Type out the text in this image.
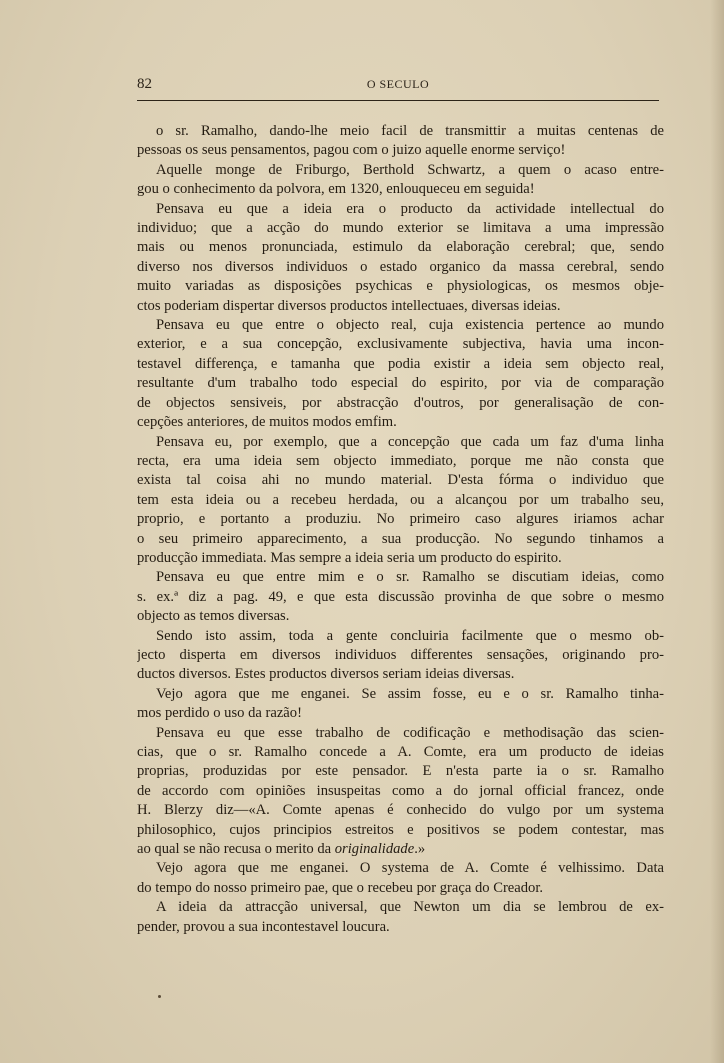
82	O SECULO
o sr. Ramalho, dando-lhe meio facil de transmittir a muitas centenas de
pessoas os seus pensamentos, pagou com o juizo aquelle enorme serviço!
Aquelle monge de Friburgo, Berthold Schwartz, a quem o acaso entre-
gou o conhecimento da polvora, em 1320, enlouqueceu em seguida!
Pensava eu que a ideia era o producto da actividade intellectual do
individuo; que a acção do mundo exterior se limitava a uma impressão
mais ou menos pronunciada, estimulo da elaboração cerebral; que, sendo
diverso nos diversos individuos o estado organico da massa cerebral, sendo
muito variadas as disposições psychicas e physiologicas, os mesmos obje-
ctos poderiam dispertar diversos productos intellectuaes, diversas ideias.
Pensava eu que entre o objecto real, cuja existencia pertence ao mundo
exterior, e a sua concepção, exclusivamente subjectiva, havia uma incon-
testavel differença, e tamanha que podia existir a ideia sem objecto real,
resultante d'um trabalho todo especial do espirito, por via de comparação
de objectos sensiveis, por abstracção d'outros, por generalisação de con-
cepções anteriores, de muitos modos emfim.
Pensava eu, por exemplo, que a concepção que cada um faz d'uma linha
recta, era uma ideia sem objecto immediato, porque me não consta que
exista tal coisa ahi no mundo material. D'esta fórma o individuo que
tem esta ideia ou a recebeu herdada, ou a alcançou por um trabalho seu,
proprio, e portanto a produziu. No primeiro caso algures iriamos achar
o seu primeiro apparecimento, a sua producção. No segundo tinhamos a
producção immediata. Mas sempre a ideia seria um producto do espirito.
Pensava eu que entre mim e o sr. Ramalho se discutiam ideias, como
s. ex.ª diz a pag. 49, e que esta discussão provinha de que sobre o mesmo
objecto as temos diversas.
Sendo isto assim, toda a gente concluiria facilmente que o mesmo ob-
jecto disperta em diversos individuos differentes sensações, originando pro-
ductos diversos. Estes productos diversos seriam ideias diversas.
Vejo agora que me enganei. Se assim fosse, eu e o sr. Ramalho tinha-
mos perdido o uso da razão!
Pensava eu que esse trabalho de codificação e methodisação das scien-
cias, que o sr. Ramalho concede a A. Comte, era um producto de ideias
proprias, produzidas por este pensador. E n'esta parte ia o sr. Ramalho
de accordo com opiniões insuspeitas como a do jornal official francez, onde
H. Blerzy diz—«A. Comte apenas é conhecido do vulgo por um systema
philosophico, cujos principios estreitos e positivos se podem contestar, mas
ao qual se não recusa o merito da originalidade.»
Vejo agora que me enganei. O systema de A. Comte é velhissimo. Data
do tempo do nosso primeiro pae, que o recebeu por graça do Creador.
A ideia da attracção universal, que Newton um dia se lembrou de ex-
pender, provou a sua incontestavel loucura.
